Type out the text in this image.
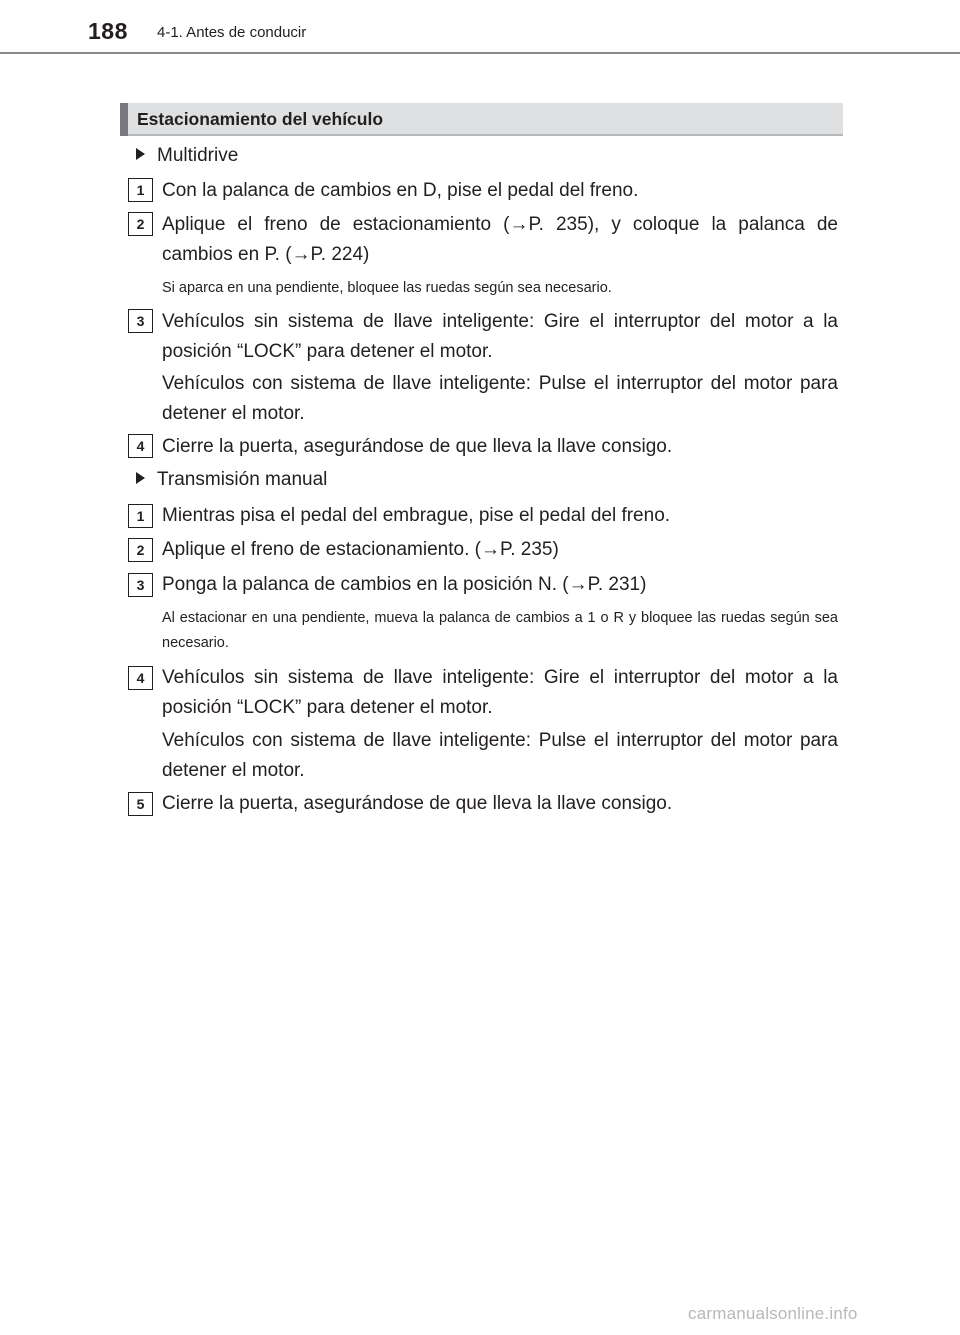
188 4-1. Antes de conducir
Estacionamiento del vehículo
Multidrive
1 Con la palanca de cambios en D, pise el pedal del freno.
2 Aplique el freno de estacionamiento (→P. 235), y coloque la palanca de cambios en P. (→P. 224)
Si aparca en una pendiente, bloquee las ruedas según sea necesario.
3 Vehículos sin sistema de llave inteligente: Gire el interruptor del motor a la posición “LOCK” para detener el motor.
Vehículos con sistema de llave inteligente: Pulse el interruptor del motor para detener el motor.
4 Cierre la puerta, asegurándose de que lleva la llave consigo.
Transmisión manual
1 Mientras pisa el pedal del embrague, pise el pedal del freno.
2 Aplique el freno de estacionamiento. (→P. 235)
3 Ponga la palanca de cambios en la posición N. (→P. 231)
Al estacionar en una pendiente, mueva la palanca de cambios a 1 o R y bloquee las ruedas según sea necesario.
4 Vehículos sin sistema de llave inteligente: Gire el interruptor del motor a la posición “LOCK” para detener el motor.
Vehículos con sistema de llave inteligente: Pulse el interruptor del motor para detener el motor.
5 Cierre la puerta, asegurándose de que lleva la llave consigo.
carmanualsonline.info
